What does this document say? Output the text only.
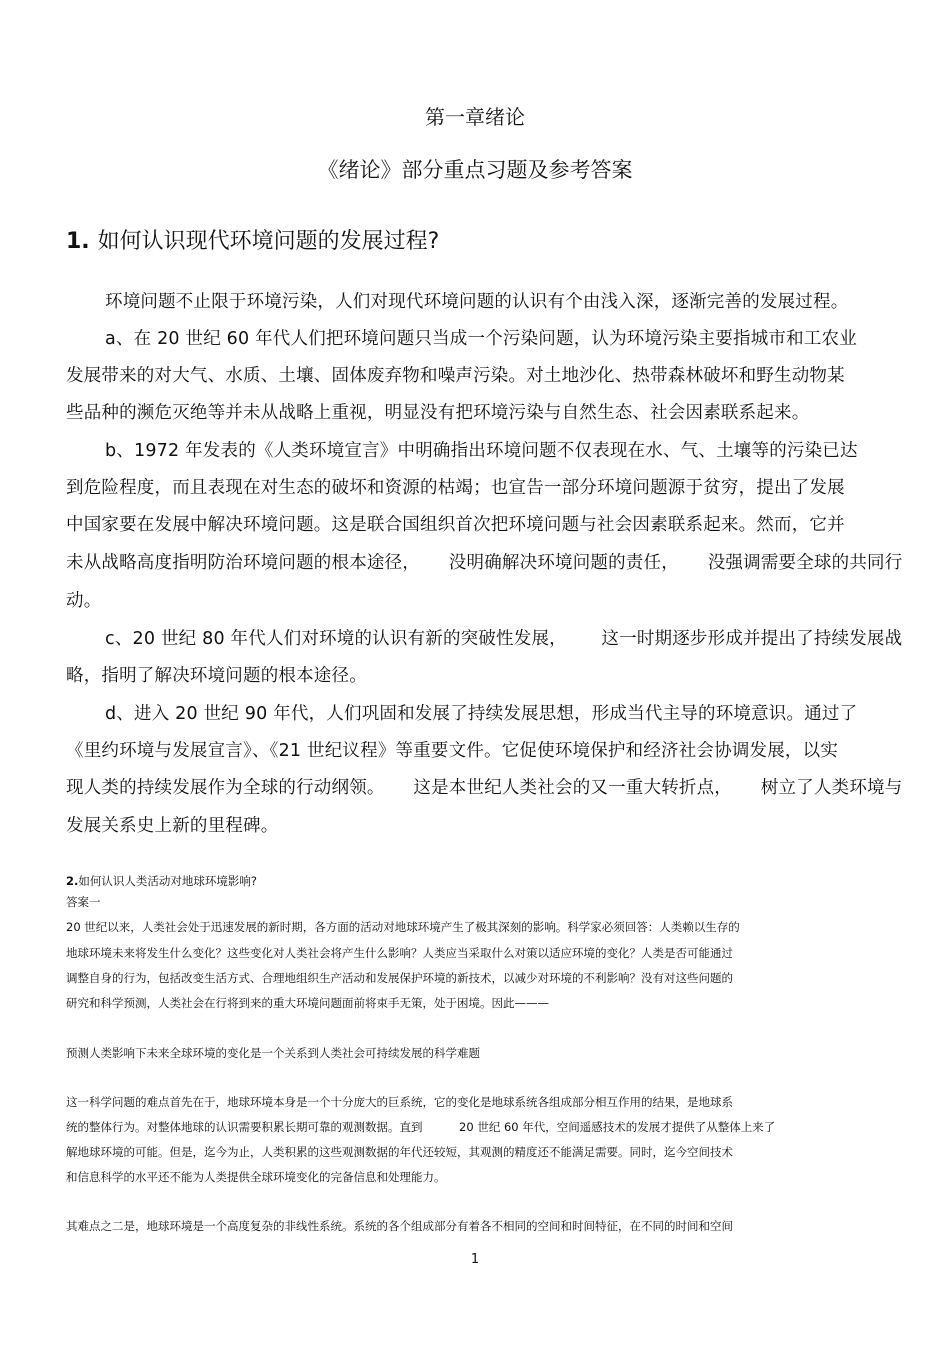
第一章绪论
《绪论》部分重点习题及参考答案
1. 如何认识现代环境问题的发展过程?

环境问题不止限于环境污染，人们对现代环境问题的认识有个由浅入深，逐渐完善的发展过程。

a、在 20 世纪 60 年代人们把环境问题只当成一个污染问题，认为环境污染主要指城市和工农业

发展带来的对大气、水质、土壤、固体废弃物和噪声污染。对土地沙化、热带森林破坏和野生动物某

些品种的濒危灭绝等并未从战略上重视，明显没有把环境污染与自然生态、社会因素联系起来。

b、1972 年发表的《人类环境宣言》中明确指出环境问题不仅表现在水、气、土壤等的污染已达

到危险程度，而且表现在对生态的破坏和资源的枯竭；也宣告一部分环境问题源于贫穷，提出了发展

中国家要在发展中解决环境问题。这是联合国组织首次把环境问题与社会因素联系起来。然而，它并

未从战略高度指明防治环境问题的根本途径，     没明确解决环境问题的责任，     没强调需要全球的共同行

动。

c、20 世纪 80 年代人们对环境的认识有新的突破性发展，      这一时期逐步形成并提出了持续发展战

略，指明了解决环境问题的根本途径。

d、进入 20 世纪 90 年代，人们巩固和发展了持续发展思想，形成当代主导的环境意识。通过了

《里约环境与发展宣言》、《21 世纪议程》等重要文件。它促使环境保护和经济社会协调发展，以实

现人类的持续发展作为全球的行动纲领。     这是本世纪人类社会的又一重大转折点，     树立了人类环境与

发展关系史上新的里程碑。

2.如何认识人类活动对地球环境影响?

答案一

20 世纪以来，人类社会处于迅速发展的新时期，各方面的活动对地球环境产生了极其深刻的影响。科学家必须回答：人类赖以生存的

地球环境未来将发生什么变化？这些变化对人类社会将产生什么影响？人类应当采取什么对策以适应环境的变化？人类是否可能通过

调整自身的行为，包括改变生活方式、合理地组织生产活动和发展保护环境的新技术，以减少对环境的不利影响？没有对这些问题的

研究和科学预测，人类社会在行将到来的重大环境问题面前将束手无策，处于困境。因此———

预测人类影响下未来全球环境的变化是一个关系到人类社会可持续发展的科学难题

这一科学问题的难点首先在于，地球环境本身是一个十分庞大的巨系统，它的变化是地球系统各组成部分相互作用的结果，是地球系

统的整体行为。对整体地球的认识需要积累长期可靠的观测数据。直到          20 世纪 60 年代，空间遥感技术的发展才提供了从整体上来了

解地球环境的可能。但是，迄今为止，人类积累的这些观测数据的年代还较短，其观测的精度还不能满足需要。同时，迄今空间技术

和信息科学的水平还不能为人类提供全球环境变化的完备信息和处理能力。

其难点之二是，地球环境是一个高度复杂的非线性系统。系统的各个组成部分有着各不相同的空间和时间特征，在不同的时间和空间

1
